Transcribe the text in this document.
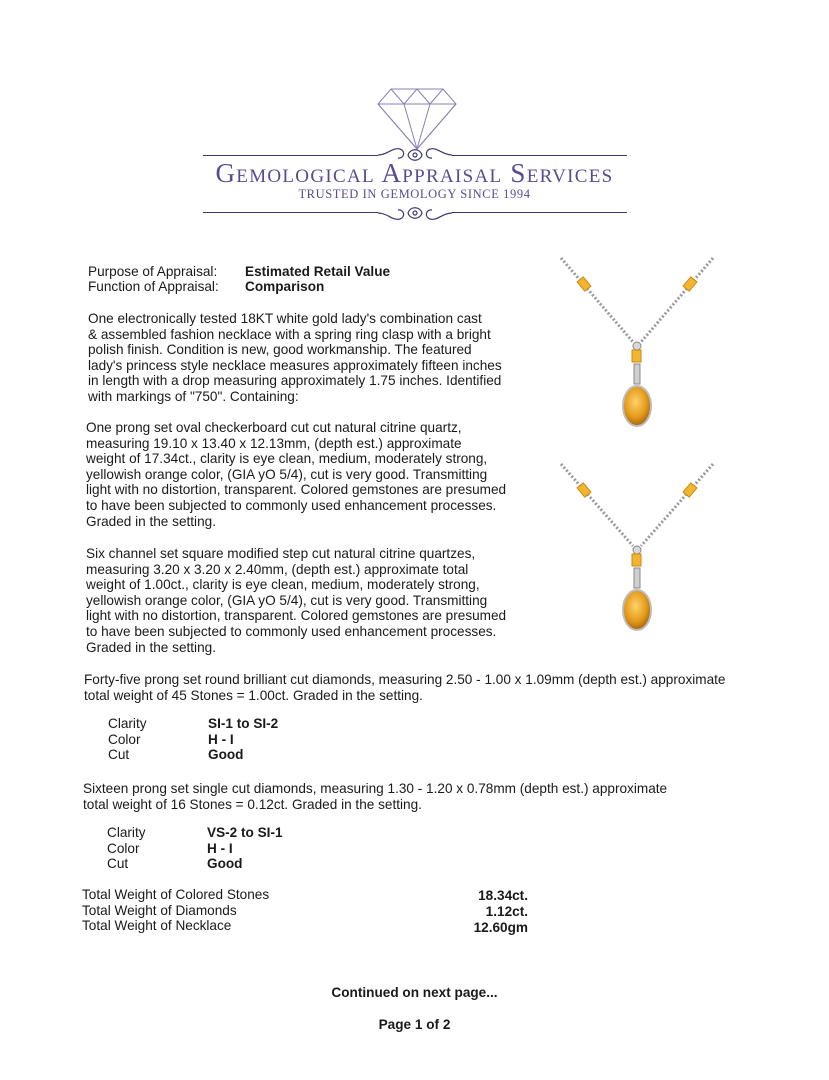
Gemological Appraisal Services
TRUSTED IN GEMOLOGY SINCE 1994
Purpose of Appraisal: Estimated Retail Value
Function of Appraisal: Comparison
One electronically tested 18KT white gold lady's combination cast
& assembled fashion necklace with a spring ring clasp with a bright
polish finish. Condition is new, good workmanship. The featured
lady's princess style necklace measures approximately fifteen inches
in length with a drop measuring approximately 1.75 inches. Identified
with markings of "750". Containing:
One prong set oval checkerboard cut cut natural citrine quartz,
measuring 19.10 x 13.40 x 12.13mm, (depth est.) approximate
weight of 17.34ct., clarity is eye clean, medium, moderately strong,
yellowish orange color, (GIA yO 5/4), cut is very good. Transmitting
light with no distortion, transparent. Colored gemstones are presumed
to have been subjected to commonly used enhancement processes.
Graded in the setting.
Six channel set square modified step cut natural citrine quartzes,
measuring 3.20 x 3.20 x 2.40mm, (depth est.) approximate total
weight of 1.00ct., clarity is eye clean, medium, moderately strong,
yellowish orange color, (GIA yO 5/4), cut is very good. Transmitting
light with no distortion, transparent. Colored gemstones are presumed
to have been subjected to commonly used enhancement processes.
Graded in the setting.
Forty-five prong set round brilliant cut diamonds, measuring 2.50 - 1.00 x 1.09mm (depth est.) approximate
total weight of 45 Stones = 1.00ct. Graded in the setting.
Clarity	SI-1 to SI-2
Color	H - I
Cut	Good
Sixteen prong set single cut diamonds, measuring 1.30 - 1.20 x 0.78mm (depth est.) approximate
total weight of 16 Stones = 0.12ct. Graded in the setting.
Clarity	VS-2 to SI-1
Color	H - I
Cut	Good
Total Weight of Colored Stones	18.34ct.
Total Weight of Diamonds	1.12ct.
Total Weight of Necklace	12.60gm
Continued on next page...
Page 1 of 2
